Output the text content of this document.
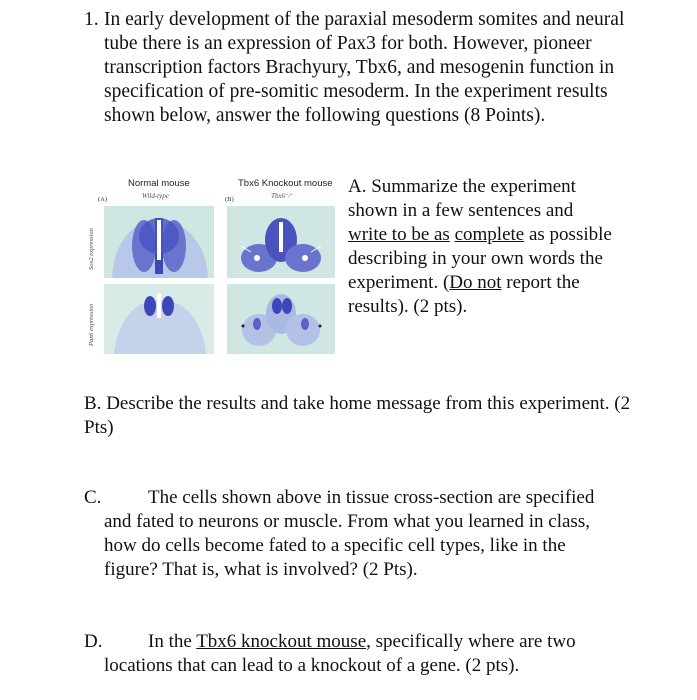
1. In early development of the paraxial mesoderm somites and neural tube there is an expression of Pax3 for both. However, pioneer transcription factors Brachyury, Tbx6, and mesogenin function in specification of pre-somitic mesoderm. In the experiment results shown below, answer the following questions (8 Points).
Normal mouse
Wild-type
Tbx6 Knockout mouse
Tbx6⁻⁄⁻
(A)	(B)
Sox2 expression
Pax6 expression
A. Summarize the experiment shown in a few sentences and write to be as complete as possible describing in your own words the experiment. (Do not report the results). (2 pts).
B. Describe the results and take home message from this experiment. (2 Pts)
C.	The cells shown above in tissue cross-section are specified and fated to neurons or muscle. From what you learned in class, how do cells become fated to a specific cell types, like in the figure? That is, what is involved? (2 Pts).
D.	In the Tbx6 knockout mouse, specifically where are two locations that can lead to a knockout of a gene. (2 pts).
